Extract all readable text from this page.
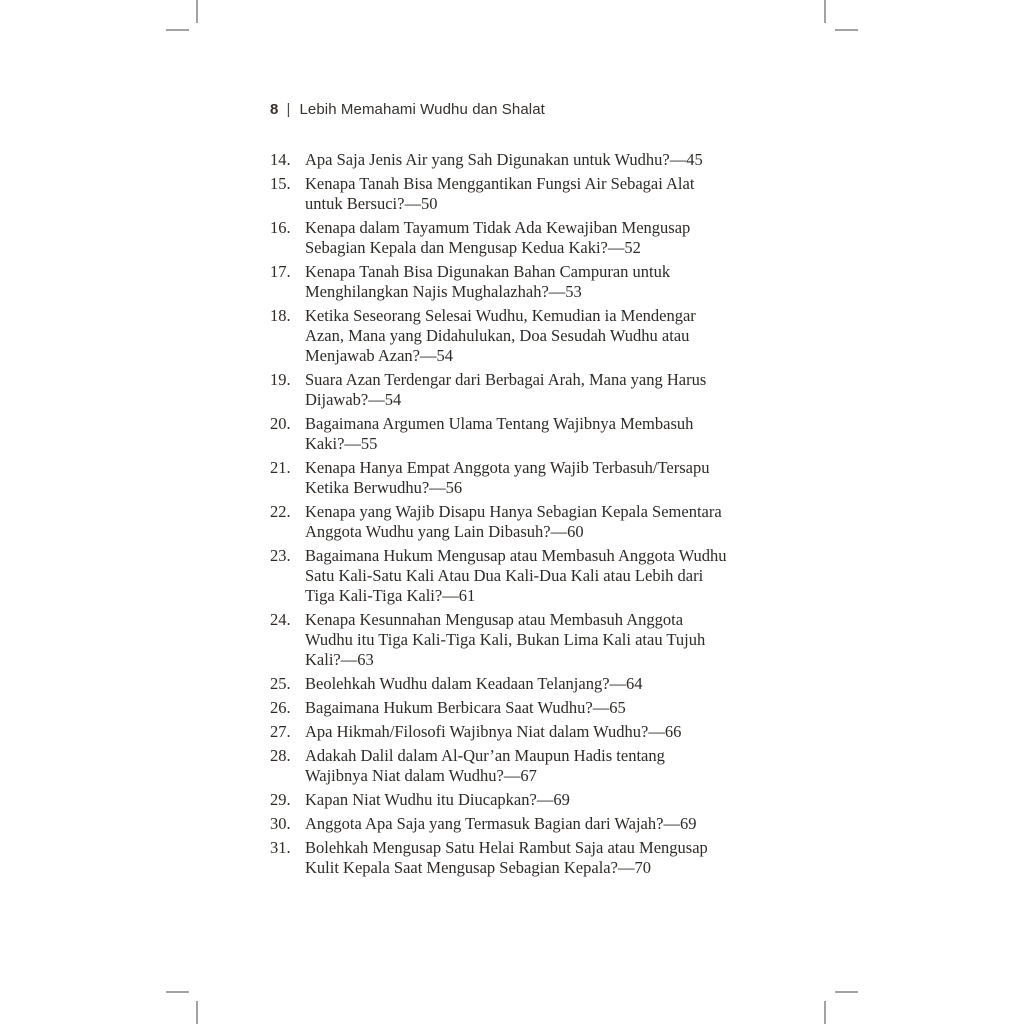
8 | Lebih Memahami Wudhu dan Shalat
14. Apa Saja Jenis Air yang Sah Digunakan untuk Wudhu?—45
15. Kenapa Tanah Bisa Menggantikan Fungsi Air Sebagai Alat untuk Bersuci?—50
16. Kenapa dalam Tayamum Tidak Ada Kewajiban Mengusap Sebagian Kepala dan Mengusap Kedua Kaki?—52
17. Kenapa Tanah Bisa Digunakan Bahan Campuran untuk Menghilangkan Najis Mughalazhah?—53
18. Ketika Seseorang Selesai Wudhu, Kemudian ia Mendengar Azan, Mana yang Didahulukan, Doa Sesudah Wudhu atau Menjawab Azan?—54
19. Suara Azan Terdengar dari Berbagai Arah, Mana yang Harus Dijawab?—54
20. Bagaimana Argumen Ulama Tentang Wajibnya Membasuh Kaki?—55
21. Kenapa Hanya Empat Anggota yang Wajib Terbasuh/Tersapu Ketika Berwudhu?—56
22. Kenapa yang Wajib Disapu Hanya Sebagian Kepala Sementara Anggota Wudhu yang Lain Dibasuh?—60
23. Bagaimana Hukum Mengusap atau Membasuh Anggota Wudhu Satu Kali-Satu Kali Atau Dua Kali-Dua Kali atau Lebih dari Tiga Kali-Tiga Kali?—61
24. Kenapa Kesunnahan Mengusap atau Membasuh Anggota Wudhu itu Tiga Kali-Tiga Kali, Bukan Lima Kali atau Tujuh Kali?—63
25. Beolehkah Wudhu dalam Keadaan Telanjang?—64
26. Bagaimana Hukum Berbicara Saat Wudhu?—65
27. Apa Hikmah/Filosofi Wajibnya Niat dalam Wudhu?—66
28. Adakah Dalil dalam Al-Qur’an Maupun Hadis tentang Wajibnya Niat dalam Wudhu?—67
29. Kapan Niat Wudhu itu Diucapkan?—69
30. Anggota Apa Saja yang Termasuk Bagian dari Wajah?—69
31. Bolehkah Mengusap Satu Helai Rambut Saja atau Mengusap Kulit Kepala Saat Mengusap Sebagian Kepala?—70
